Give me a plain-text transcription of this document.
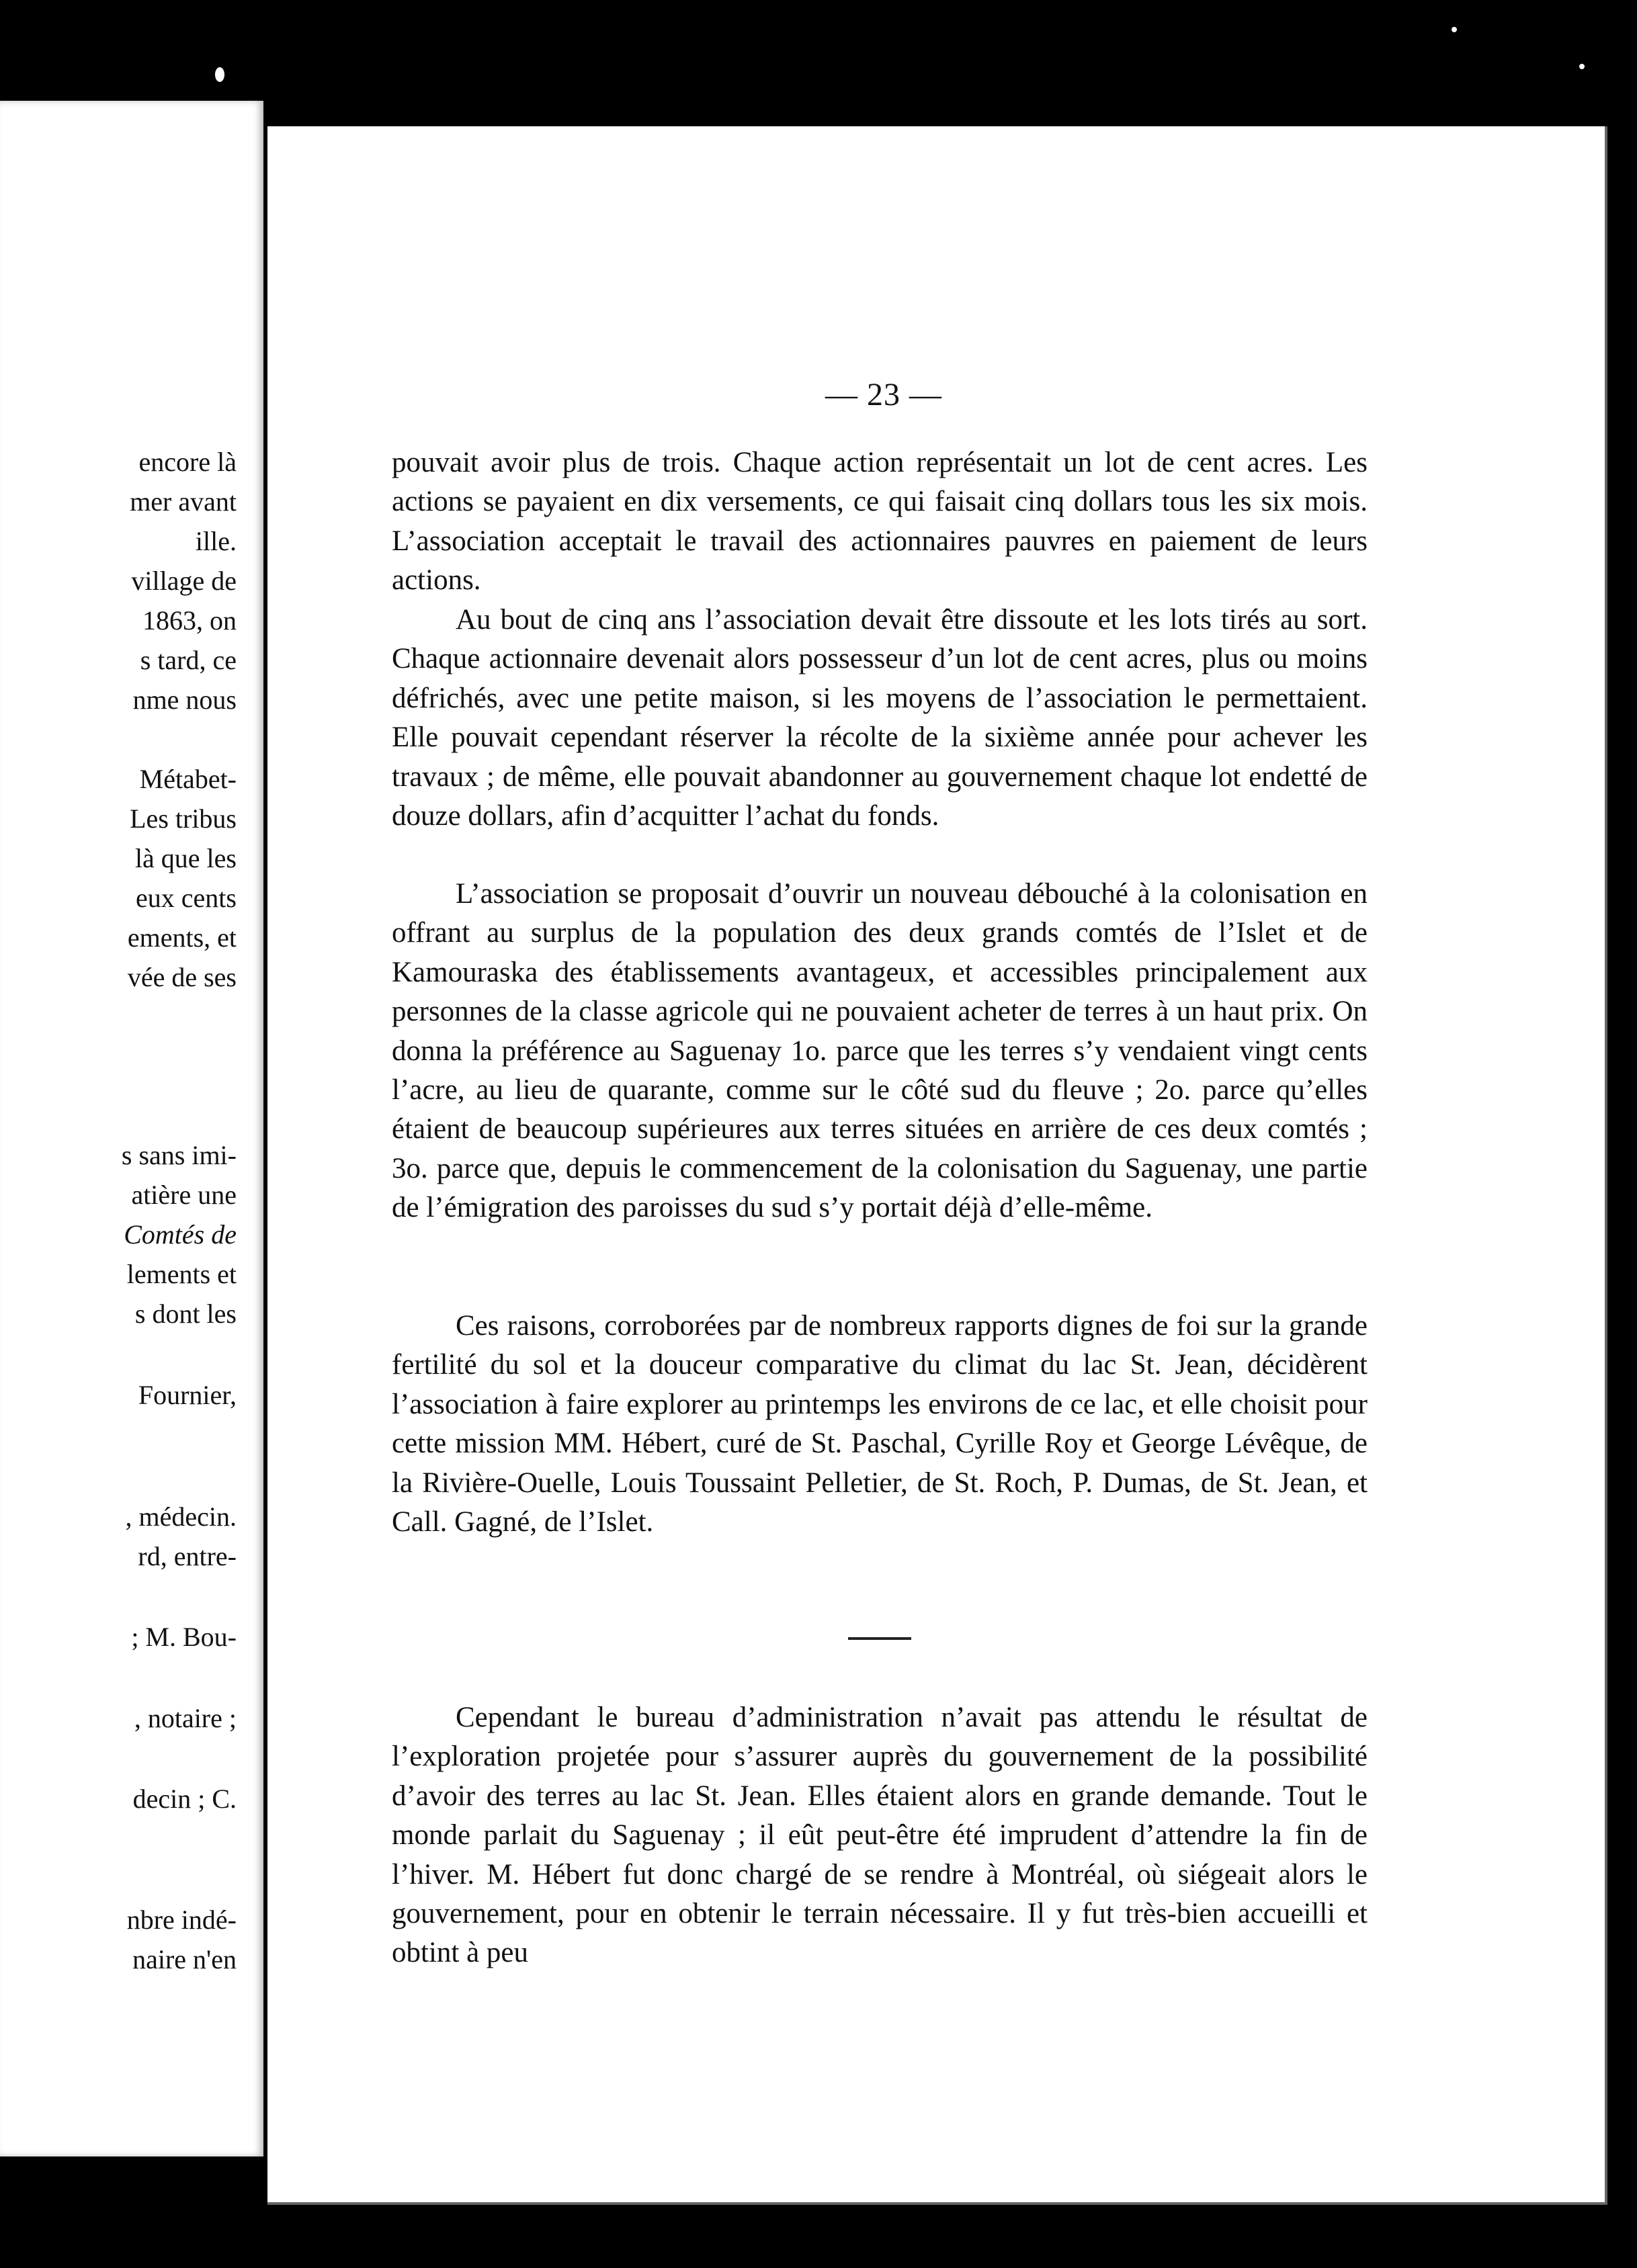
encore là
mer avant
ille.
village de
1863, on
s tard, ce
nme nous
Métabet-
Les tribus
là que les
eux cents
ements, et
vée de ses
s sans imi-
atière une
Comtés de
lements et
s dont les
Fournier,
, médecin.
rd, entre-
; M. Bou-
, notaire ;
decin ; C.
nbre indé-
naire n'en
— 23 —

pouvait avoir plus de trois. Chaque action représentait un lot de cent acres. Les actions se payaient en dix versements, ce qui faisait cinq dollars tous les six mois. L’association acceptait le travail des actionnaires pauvres en paiement de leurs actions.

Au bout de cinq ans l’association devait être dissoute et les lots tirés au sort. Chaque actionnaire devenait alors possesseur d’un lot de cent acres, plus ou moins défrichés, avec une petite maison, si les moyens de l’association le permettaient. Elle pouvait cependant réserver la récolte de la sixième année pour achever les travaux ; de même, elle pouvait abandonner au gouvernement chaque lot endetté de douze dollars, afin d’acquitter l’achat du fonds.

L’association se proposait d’ouvrir un nouveau débouché à la colonisation en offrant au surplus de la population des deux grands comtés de l’Islet et de Kamouraska des établissements avantageux, et accessibles principalement aux personnes de la classe agricole qui ne pouvaient acheter de terres à un haut prix. On donna la préférence au Saguenay 1o. parce que les terres s’y vendaient vingt cents l’acre, au lieu de quarante, comme sur le côté sud du fleuve ; 2o. parce qu’elles étaient de beaucoup supérieures aux terres situées en arrière de ces deux comtés ; 3o. parce que, depuis le commencement de la colonisation du Saguenay, une partie de l’émigration des paroisses du sud s’y portait déjà d’elle-même.

Ces raisons, corroborées par de nombreux rapports dignes de foi sur la grande fertilité du sol et la douceur comparative du climat du lac St. Jean, décidèrent l’association à faire explorer au printemps les environs de ce lac, et elle choisit pour cette mission MM. Hébert, curé de St. Paschal, Cyrille Roy et George Lévêque, de la Rivière-Ouelle, Louis Toussaint Pelletier, de St. Roch, P. Dumas, de St. Jean, et Call. Gagné, de l’Islet.

Cependant le bureau d’administration n’avait pas attendu le résultat de l’exploration projetée pour s’assurer auprès du gouvernement de la possibilité d’avoir des terres au lac St. Jean. Elles étaient alors en grande demande. Tout le monde parlait du Saguenay ; il eût peut-être été imprudent d’attendre la fin de l’hiver. M. Hébert fut donc chargé de se rendre à Montréal, où siégeait alors le gouvernement, pour en obtenir le terrain nécessaire. Il y fut très-bien accueilli et obtint à peu
